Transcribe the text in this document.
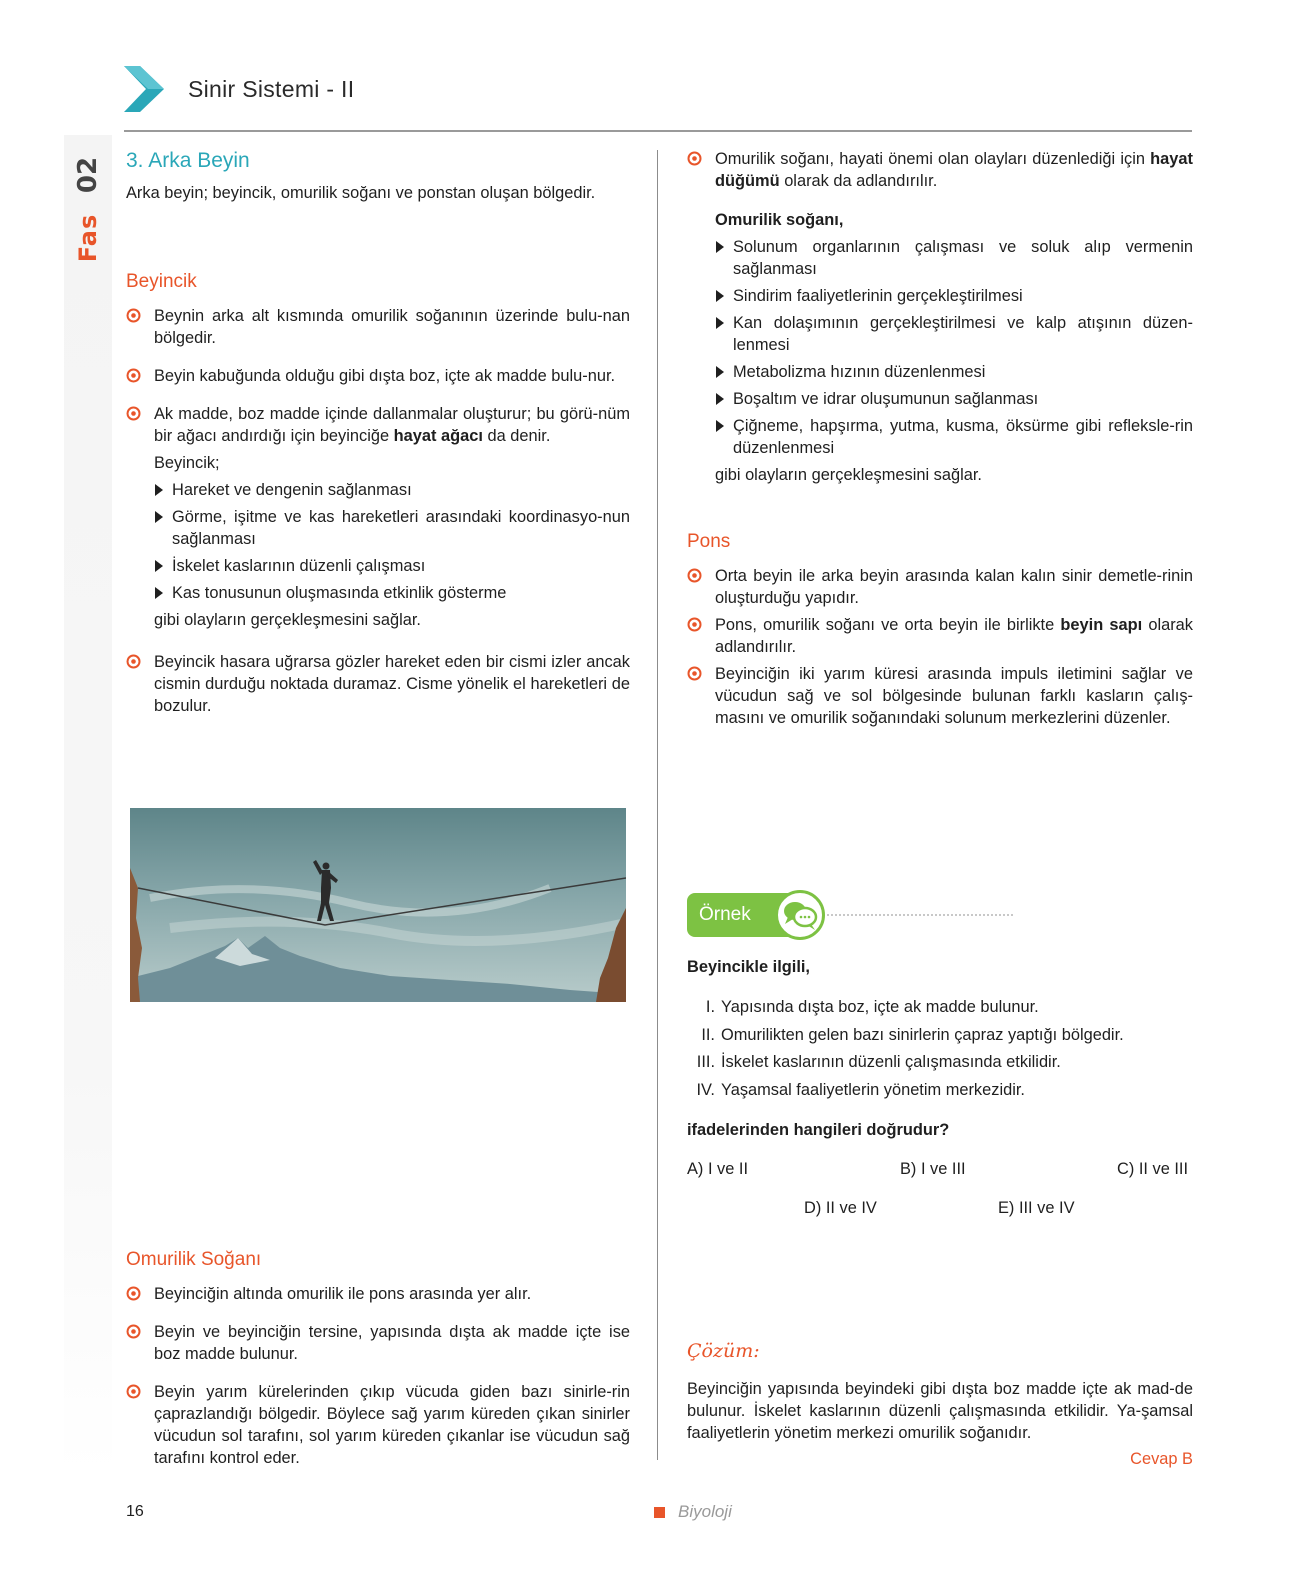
02
Fas
Sinir Sistemi - II
3. Arka Beyin
Arka beyin; beyincik, omurilik soğanı ve ponstan oluşan bölgedir.
Beyincik
Beynin arka alt kısmında omurilik soğanının üzerinde bulu-nan bölgedir.
Beyin kabuğunda olduğu gibi dışta boz, içte ak madde bulu-nur.
Ak madde, boz madde içinde dallanmalar oluşturur; bu görü-nüm bir ağacı andırdığı için beyinciğe hayat ağacı da denir.
Beyincik;
Hareket ve dengenin sağlanması
Görme, işitme ve kas hareketleri arasındaki koordinasyo-nun sağlanması
İskelet kaslarının düzenli çalışması
Kas tonusunun oluşmasında etkinlik gösterme
gibi olayların gerçekleşmesini sağlar.
Beyincik hasara uğrarsa gözler hareket eden bir cismi izler ancak cismin durduğu noktada duramaz. Cisme yönelik el hareketleri de bozulur.
Omurilik Soğanı
Beyinciğin altında omurilik ile pons arasında yer alır.
Beyin ve beyinciğin tersine, yapısında dışta ak madde içte ise boz madde bulunur.
Beyin yarım kürelerinden çıkıp vücuda giden bazı sinirle-rin çaprazlandığı bölgedir. Böylece sağ yarım küreden çıkan sinirler vücudun sol tarafını, sol yarım küreden çıkanlar ise vücudun sağ tarafını kontrol eder.
Omurilik soğanı, hayati önemi olan olayları düzenlediği için hayat düğümü olarak da adlandırılır.
Omurilik soğanı,
Solunum organlarının çalışması ve soluk alıp vermenin sağlanması
Sindirim faaliyetlerinin gerçekleştirilmesi
Kan dolaşımının gerçekleştirilmesi ve kalp atışının düzen-lenmesi
Metabolizma hızının düzenlenmesi
Boşaltım ve idrar oluşumunun sağlanması
Çiğneme, hapşırma, yutma, kusma, öksürme gibi refleksle-rin düzenlenmesi
gibi olayların gerçekleşmesini sağlar.
Pons
Orta beyin ile arka beyin arasında kalan kalın sinir demetle-rinin oluşturduğu yapıdır.
Pons, omurilik soğanı ve orta beyin ile birlikte beyin sapı olarak adlandırılır.
Beyinciğin iki yarım küresi arasında impuls iletimini sağlar ve vücudun sağ ve sol bölgesinde bulunan farklı kasların çalış-masını ve omurilik soğanındaki solunum merkezlerini düzenler.
Örnek
Beyincikle ilgili,
I. Yapısında dışta boz, içte ak madde bulunur.
II. Omurilikten gelen bazı sinirlerin çapraz yaptığı bölgedir.
III. İskelet kaslarının düzenli çalışmasında etkilidir.
IV. Yaşamsal faaliyetlerin yönetim merkezidir.
ifadelerinden hangileri doğrudur?
A) I ve II	B) I ve III	C) II ve III
D) II ve IV	E) III ve IV
Çözüm:
Beyinciğin yapısında beyindeki gibi dışta boz madde içte ak mad-de bulunur. İskelet kaslarının düzenli çalışmasında etkilidir. Ya-şamsal faaliyetlerin yönetim merkezi omurilik soğanıdır.
Cevap B
16	Biyoloji
